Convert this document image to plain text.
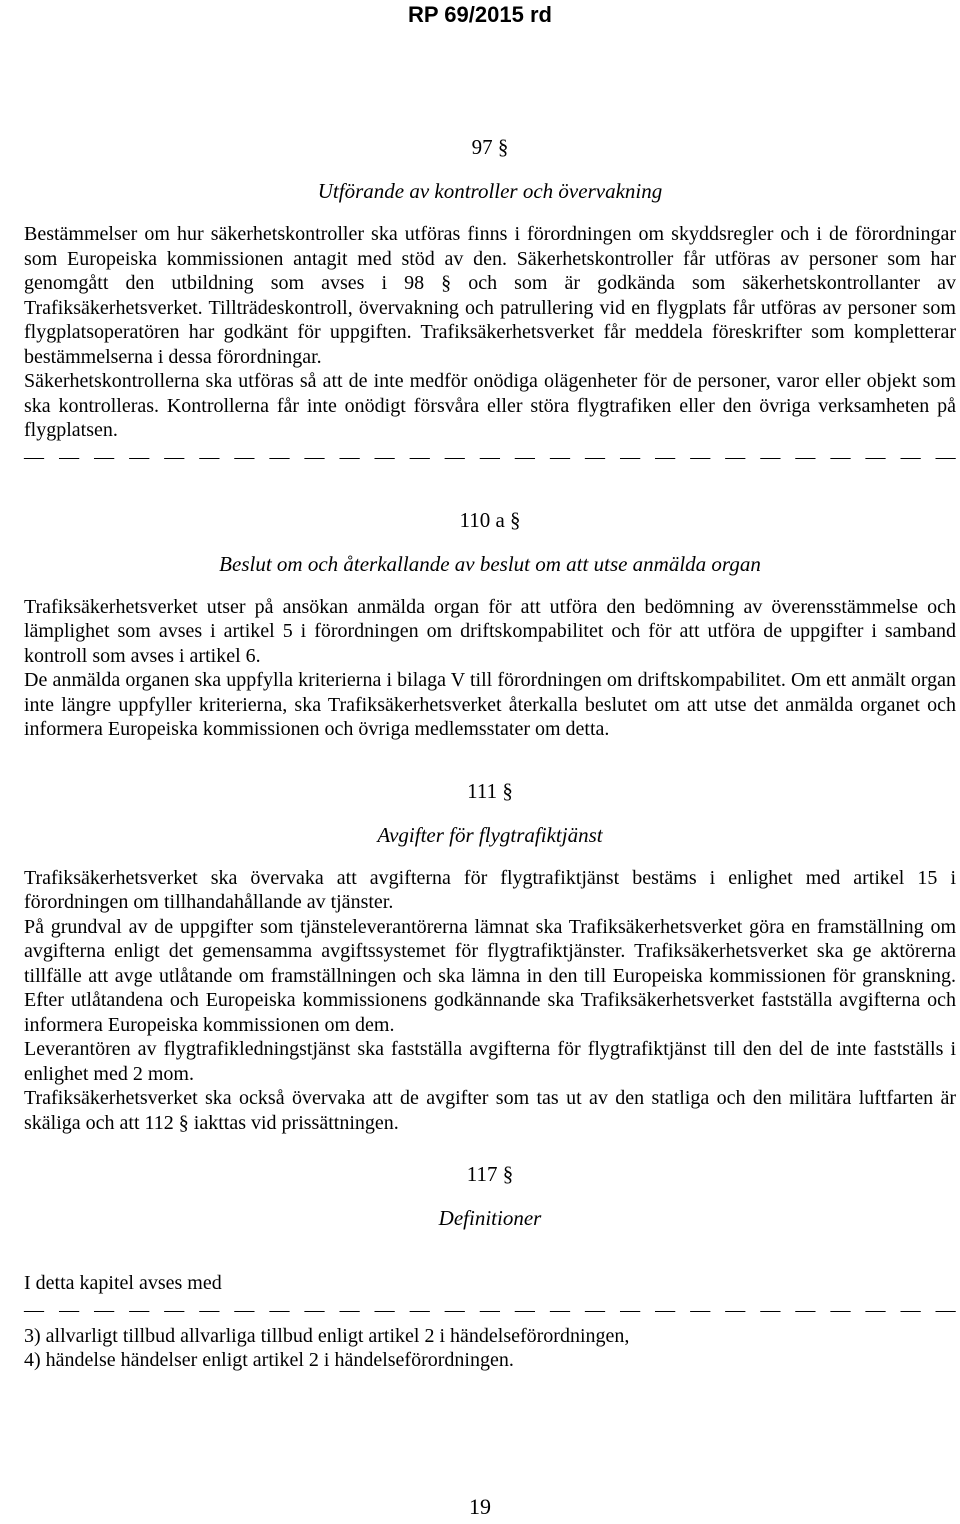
RP 69/2015 rd
97 §
Utförande av kontroller och övervakning

Bestämmelser om hur säkerhetskontroller ska utföras finns i förordningen om skyddsregler och i de förordningar som Europeiska kommissionen antagit med stöd av den. Säkerhetskontroller får utföras av personer som har genomgått den utbildning som avses i 98 § och som är godkända som säkerhetskontrollanter av Trafiksäkerhetsverket. Tillträdeskontroll, övervakning och patrullering vid en flygplats får utföras av personer som flygplatsoperatören har godkänt för uppgiften. Trafiksäkerhetsverket får meddela föreskrifter som kompletterar bestämmelserna i dessa förordningar.

Säkerhetskontrollerna ska utföras så att de inte medför onödiga olägenheter för de personer, varor eller objekt som ska kontrolleras. Kontrollerna får inte onödigt försvåra eller störa flygtrafiken eller den övriga verksamheten på flygplatsen.

— — — — — — — — — — — — — — — — — — — — — — — — — — —
110 a §
Beslut om och återkallande av beslut om att utse anmälda organ

Trafiksäkerhetsverket utser på ansökan anmälda organ för att utföra den bedömning av överensstämmelse och lämplighet som avses i artikel 5 i förordningen om driftskompabilitet och för att utföra de uppgifter i samband kontroll som avses i artikel 6.

De anmälda organen ska uppfylla kriterierna i bilaga V till förordningen om driftskompabilitet. Om ett anmält organ inte längre uppfyller kriterierna, ska Trafiksäkerhetsverket återkalla beslutet om att utse det anmälda organet och informera Europeiska kommissionen och övriga medlemsstater om detta.

111 §
Avgifter för flygtrafiktjänst

Trafiksäkerhetsverket ska övervaka att avgifterna för flygtrafiktjänst bestäms i enlighet med artikel 15 i förordningen om tillhandahållande av tjänster.

På grundval av de uppgifter som tjänsteleverantörerna lämnat ska Trafiksäkerhetsverket göra en framställning om avgifterna enligt det gemensamma avgiftssystemet för flygtrafiktjänster. Trafiksäkerhetsverket ska ge aktörerna tillfälle att avge utlåtande om framställningen och ska lämna in den till Europeiska kommissionen för granskning. Efter utlåtandena och Europeiska kommissionens godkännande ska Trafiksäkerhetsverket fastställa avgifterna och informera Europeiska kommissionen om dem.

Leverantören av flygtrafikledningstjänst ska fastställa avgifterna för flygtrafiktjänst till den del de inte fastställs i enlighet med 2 mom.

Trafiksäkerhetsverket ska också övervaka att de avgifter som tas ut av den statliga och den militära luftfarten är skäliga och att 112 § iakttas vid prissättningen.

117 §
Definitioner

I detta kapitel avses med

— — — — — — — — — — — — — — — — — — — — — — — — — — —

3) allvarligt tillbud allvarliga tillbud enligt artikel 2 i händelseförordningen,

4) händelse händelser enligt artikel 2 i händelseförordningen.

19
